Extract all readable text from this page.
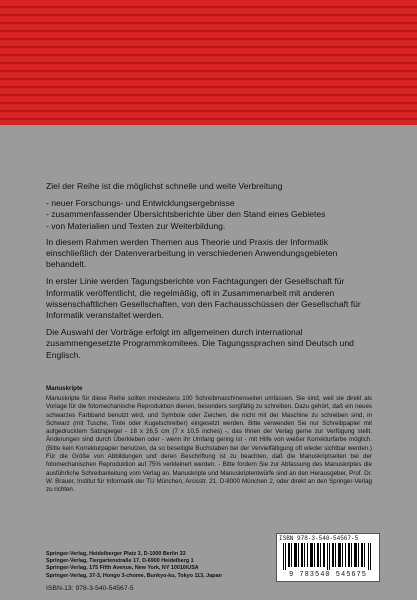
Ziel der Reihe ist die möglichst schnelle und weite Verbreitung

- neuer Forschungs- und Entwicklungsergebnisse
- zusammenfassender Übersichtsberichte über den Stand eines Gebietes
- von Materialien und Texten zur Weiterbildung.

In diesem Rahmen werden Themen aus Theorie und Praxis der Informatik einschließlich der Datenverarbeitung in verschiedenen Anwendungsgebieten behandelt.

In erster Linie werden Tagungsberichte von Fachtagungen der Gesellschaft für Informatik veröffentlicht, die regelmäßig, oft in Zusammenarbeit mit anderen wissenschaftlichen Gesellschaften, von den Fachausschüssen der Gesellschaft für Informatik veranstaltet werden.

Die Auswahl der Vorträge erfolgt im allgemeinen durch international zusammengesetzte Programmkomitees. Die Tagungssprachen sind Deutsch und Englisch.

Manuskripte
Manuskripte für diese Reihe sollten mindestens 100 Schreibmaschinenseiten umfassen. Sie sind, weil sie direkt als Vorlage für die fotomechanische Reproduktion dienen, besonders sorgfältig zu schreiben. Dazu gehört, daß ein neues schwarzes Farbband benutzt wird, und Symbole oder Zeichen, die nicht mit der Maschine zu schreiben sind, in Schwarz (mit Tusche, Tinte oder Kugelschreiber) eingesetzt werden. Bitte verwenden Sie nur Schreibpapier mit aufgedrucktem Satzspiegel - 18 x 26,5 cm (7 x 10,5 inches) -, das Ihnen der Verlag gerne zur Verfügung stellt. Änderungen sind durch Überkleben oder - wenn ihr Umfang gering ist - mit Hilfe von weißer Korrekturfarbe möglich. (Bitte kein Korrekturpapier benutzen, da so beseitigte Buchstaben bei der Vervielfältigung oft wieder sichtbar werden.) Für die Größe von Abbildungen und deren Beschriftung ist zu beachten, daß die Manuskriptseiten bei der fotomechanischen Reproduktion auf 75% verkleinert werden. - Bitte fordern Sie zur Abfassung des Manuskriptes die ausführliche Schreibanleitung vom Verlag an. Manuskripte und Manuskriptentwürfe sind an den Herausgeber, Prof. Dr. W. Brauer, Institut für Informatik der TU München, Arcisstr. 21, D-8000 München 2, oder direkt an den Springer-Verlag zu richten.
Springer-Verlag, Heidelberger Platz 3, D-1000 Berlin 33
Springer-Verlag, Tiergartenstraße 17, D-6900 Heidelberg 1
Springer-Verlag, 175 Fifth Avenue, New York, NY 10010/USA
Springer-Verlag, 37-3, Hongo 3-chome, Bunkyo-ku, Tokyo 113, Japan
ISBN 978-3-540-54567-5
9 783540 545675
ISBN-13: 978-3-540-54567-5
